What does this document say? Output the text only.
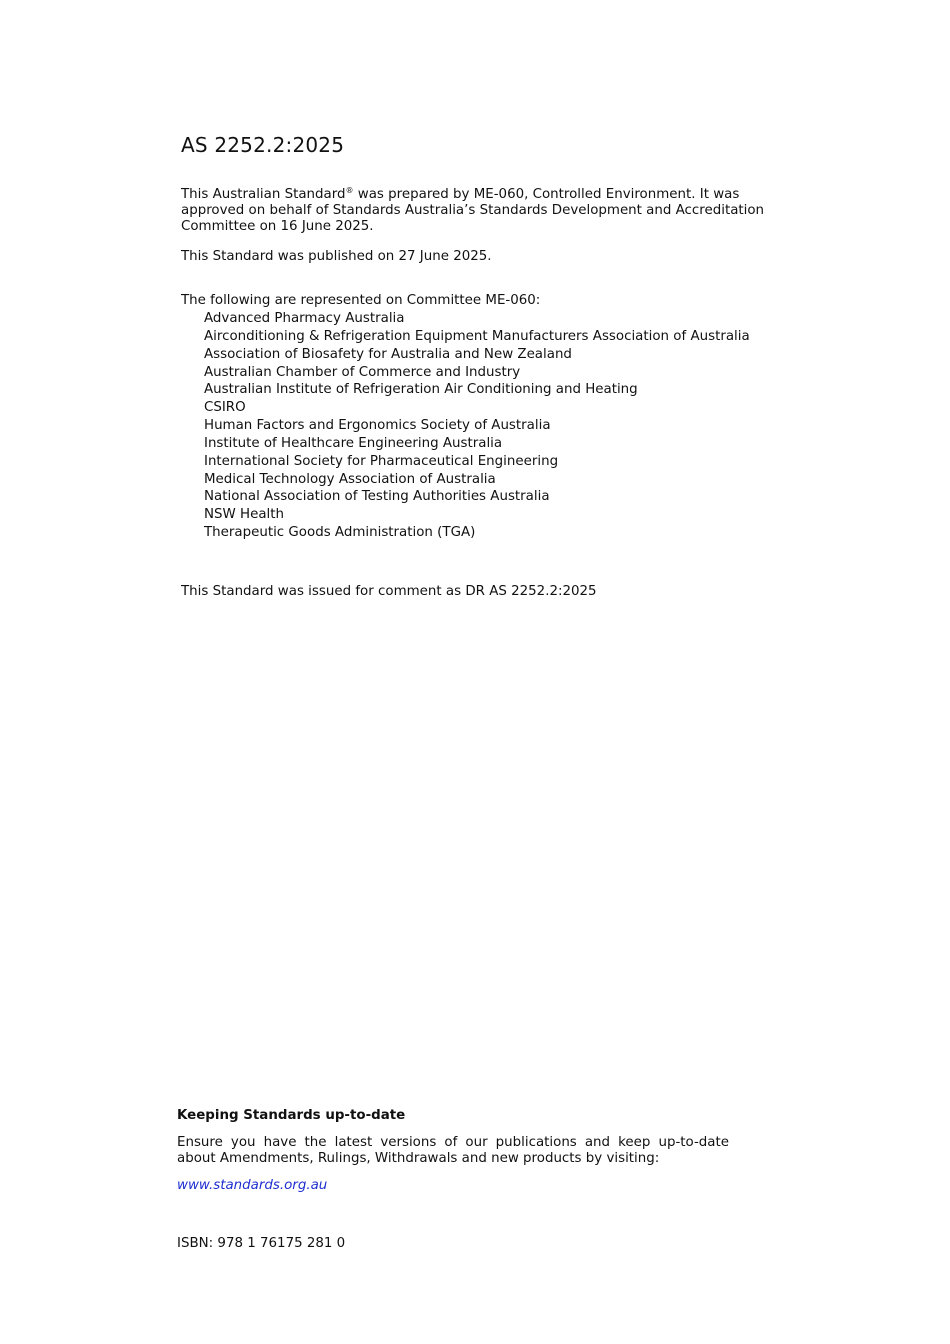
AS 2252.2:2025

This Australian Standard® was prepared by ME-060, Controlled Environment. It was approved on behalf of Standards Australia’s Standards Development and Accreditation Committee on 16 June 2025.

This Standard was published on 27 June 2025.

The following are represented on Committee ME-060:

Advanced Pharmacy Australia
Airconditioning & Refrigeration Equipment Manufacturers Association of Australia
Association of Biosafety for Australia and New Zealand
Australian Chamber of Commerce and Industry
Australian Institute of Refrigeration Air Conditioning and Heating
CSIRO
Human Factors and Ergonomics Society of Australia
Institute of Healthcare Engineering Australia
International Society for Pharmaceutical Engineering
Medical Technology Association of Australia
National Association of Testing Authorities Australia
NSW Health
Therapeutic Goods Administration (TGA)

This Standard was issued for comment as DR AS 2252.2:2025

Keeping Standards up-to-date

Ensure you have the latest versions of our publications and keep up-to-date about Amendments, Rulings, Withdrawals and new products by visiting:

www.standards.org.au

ISBN: 978 1 76175 281 0
